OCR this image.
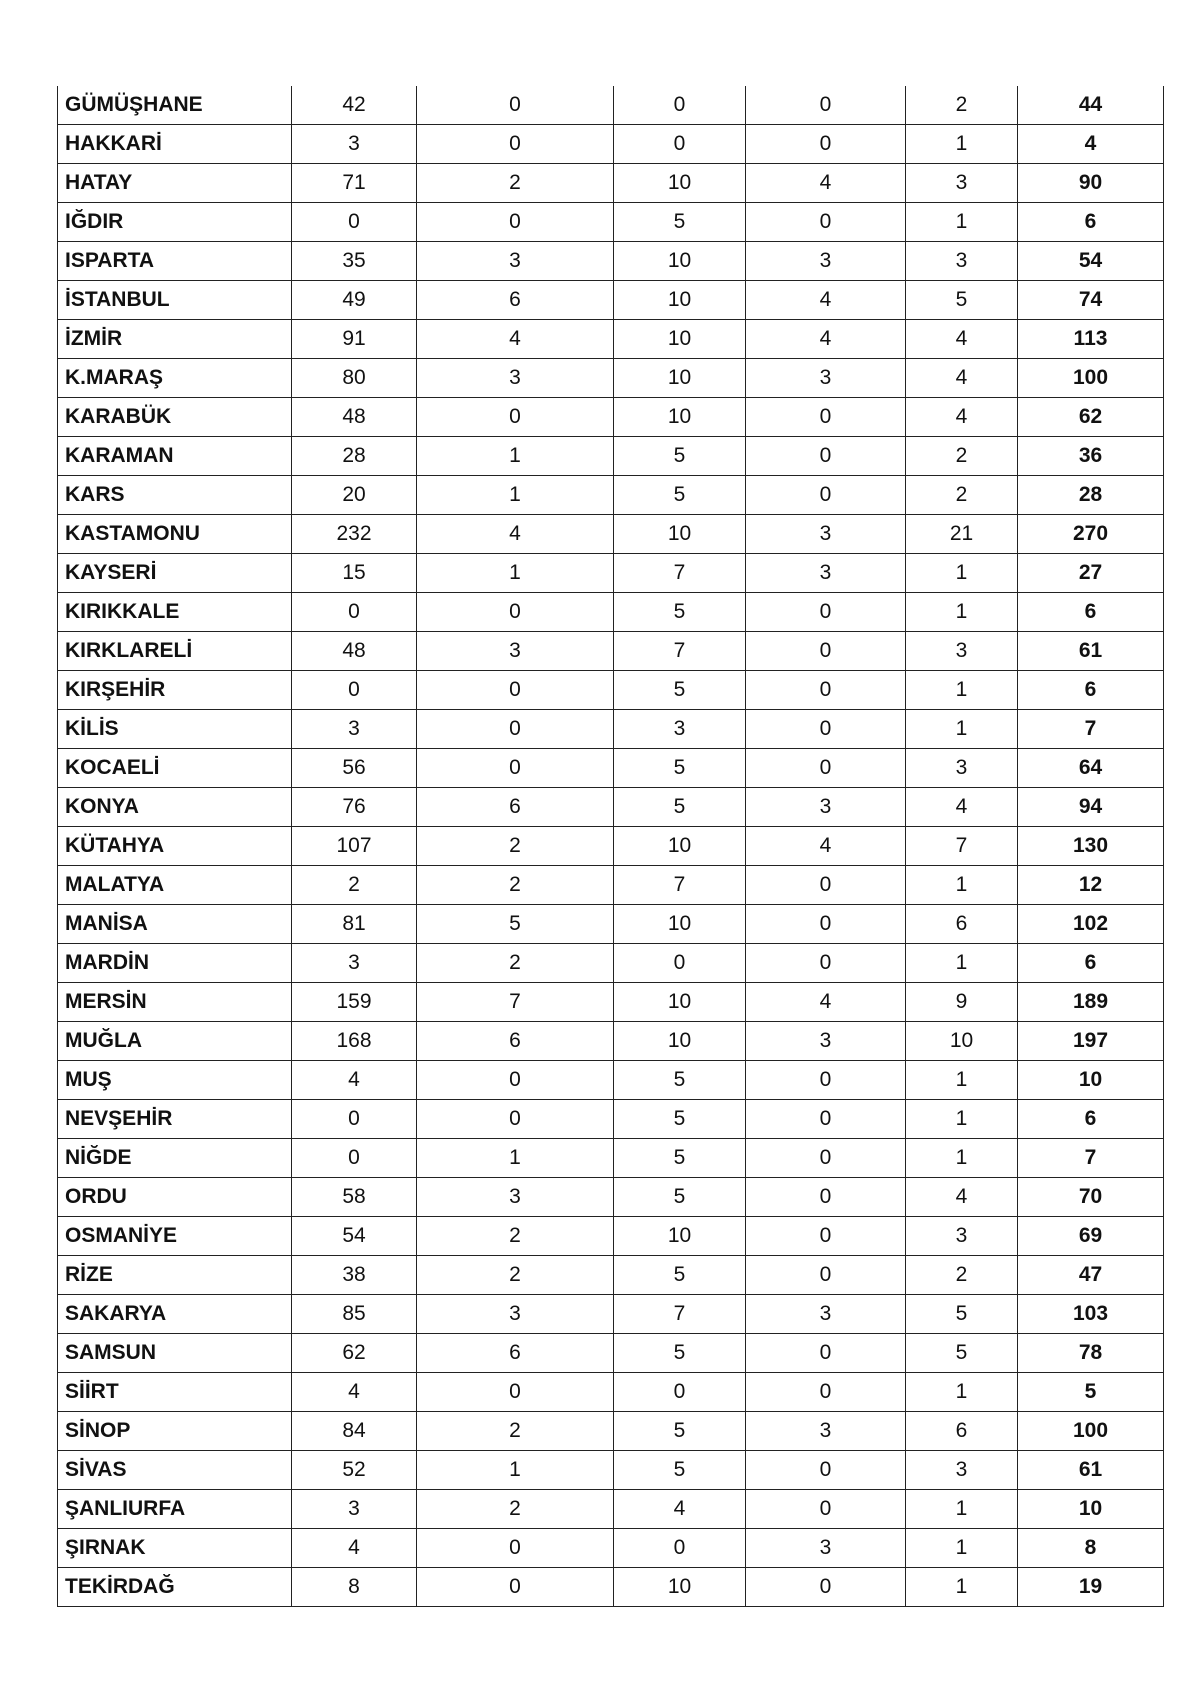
GÜMÜŞHANE	42	0	0	0	2	44
HAKKARİ	3	0	0	0	1	4
HATAY	71	2	10	4	3	90
IĞDIR	0	0	5	0	1	6
ISPARTA	35	3	10	3	3	54
İSTANBUL	49	6	10	4	5	74
İZMİR	91	4	10	4	4	113
K.MARAŞ	80	3	10	3	4	100
KARABÜK	48	0	10	0	4	62
KARAMAN	28	1	5	0	2	36
KARS	20	1	5	0	2	28
KASTAMONU	232	4	10	3	21	270
KAYSERİ	15	1	7	3	1	27
KIRIKKALE	0	0	5	0	1	6
KIRKLARELİ	48	3	7	0	3	61
KIRŞEHİR	0	0	5	0	1	6
KİLİS	3	0	3	0	1	7
KOCAELİ	56	0	5	0	3	64
KONYA	76	6	5	3	4	94
KÜTAHYA	107	2	10	4	7	130
MALATYA	2	2	7	0	1	12
MANİSA	81	5	10	0	6	102
MARDİN	3	2	0	0	1	6
MERSİN	159	7	10	4	9	189
MUĞLA	168	6	10	3	10	197
MUŞ	4	0	5	0	1	10
NEVŞEHİR	0	0	5	0	1	6
NİĞDE	0	1	5	0	1	7
ORDU	58	3	5	0	4	70
OSMANİYE	54	2	10	0	3	69
RİZE	38	2	5	0	2	47
SAKARYA	85	3	7	3	5	103
SAMSUN	62	6	5	0	5	78
SİİRT	4	0	0	0	1	5
SİNOP	84	2	5	3	6	100
SİVAS	52	1	5	0	3	61
ŞANLIURFA	3	2	4	0	1	10
ŞIRNAK	4	0	0	3	1	8
TEKİRDAĞ	8	0	10	0	1	19
